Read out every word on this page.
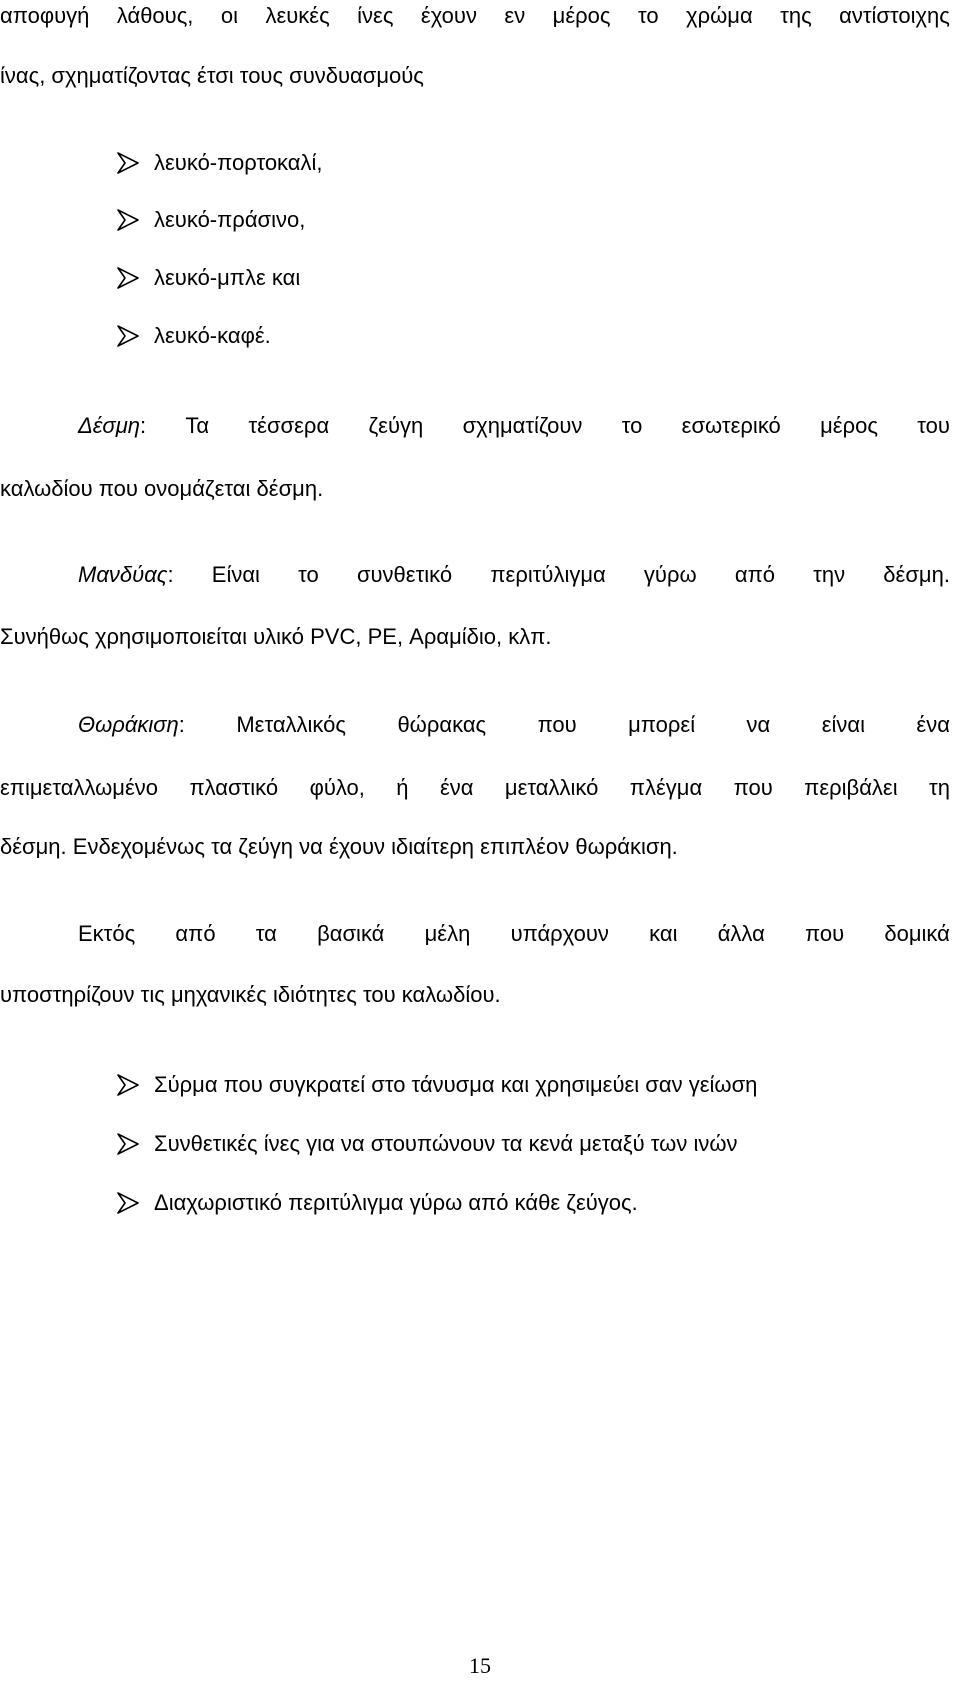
αποφυγή λάθους, οι λευκές ίνες έχουν εν μέρος το χρώμα της αντίστοιχης
ίνας, σχηματίζοντας έτσι τους συνδυασμούς
λευκό-πορτοκαλί,
λευκό-πράσινο,
λευκό-μπλε και
λευκό-καφέ.
Δέσμη: Τα τέσσερα ζεύγη σχηματίζουν το εσωτερικό μέρος του
καλωδίου που ονομάζεται δέσμη.
Μανδύας: Είναι το συνθετικό περιτύλιγμα γύρω από την δέσμη.
Συνήθως χρησιμοποιείται υλικό PVC, PE, Αραμίδιο, κλπ.
Θωράκιση: Μεταλλικός θώρακας που μπορεί να είναι ένα
επιμεταλλωμένο πλαστικό φύλο, ή ένα μεταλλικό πλέγμα που περιβάλει τη
δέσμη. Ενδεχομένως τα ζεύγη να έχουν ιδιαίτερη επιπλέον θωράκιση.
Εκτός από τα βασικά μέλη υπάρχουν και άλλα που δομικά
υποστηρίζουν τις μηχανικές ιδιότητες του καλωδίου.
Σύρμα που συγκρατεί στο τάνυσμα και χρησιμεύει σαν γείωση
Συνθετικές ίνες για να στουπώνουν τα κενά μεταξύ των ινών
Διαχωριστικό περιτύλιγμα γύρω από κάθε ζεύγος.
15
